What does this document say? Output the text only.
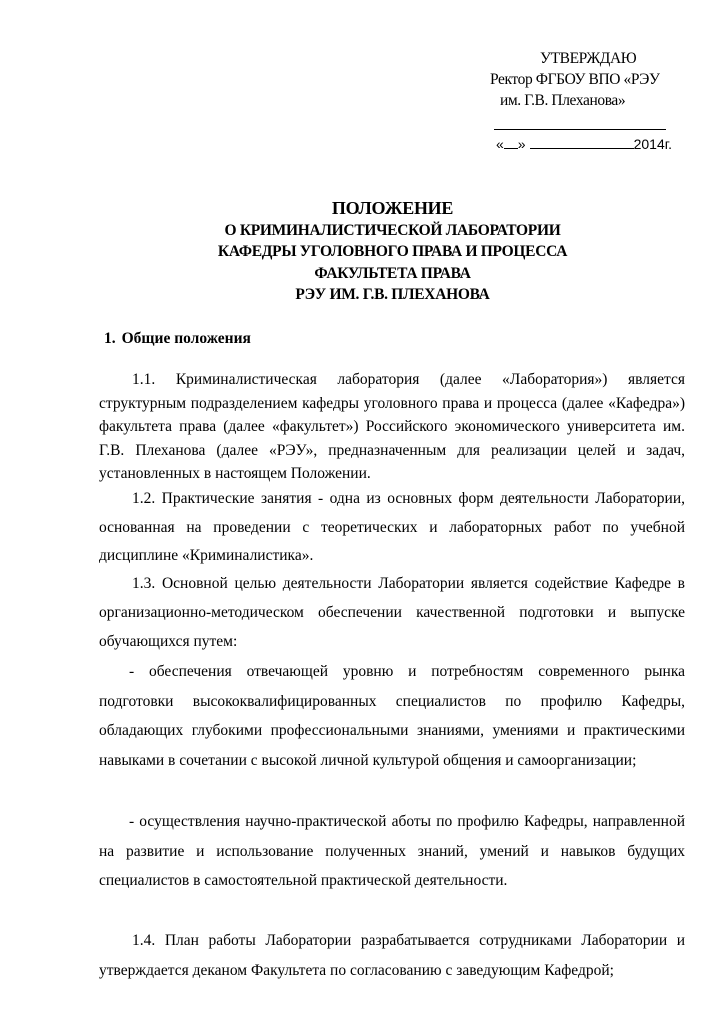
УТВЕРЖДАЮ
Ректор ФГБОУ ВПО «РЭУ
им. Г.В. Плеханова»
« »	2014г.
ПОЛОЖЕНИЕ
О КРИМИНАЛИСТИЧЕСКОЙ ЛАБОРАТОРИИ
КАФЕДРЫ УГОЛОВНОГО ПРАВА И ПРОЦЕССА
ФАКУЛЬТЕТА ПРАВА
РЭУ ИМ. Г.В. ПЛЕХАНОВА
1. Общие положения

1.1. Криминалистическая лаборатория (далее «Лаборатория») является структурным подразделением кафедры уголовного права и процесса (далее «Кафедра») факультета права (далее «факультет») Российского экономического университета им. Г.В. Плеханова (далее «РЭУ», предназначенным для реализации целей и задач, установленных в настоящем Положении.

1.2. Практические занятия - одна из основных форм деятельности Лаборатории, основанная на проведении с теоретических и лабораторных работ по учебной дисциплине «Криминалистика».

1.3. Основной целью деятельности Лаборатории является содействие Кафедре в организационно-методическом обеспечении качественной подготовки и выпуске обучающихся путем:

- обеспечения отвечающей уровню и потребностям современного рынка подготовки высококвалифицированных специалистов по профилю Кафедры, обладающих глубокими профессиональными знаниями, умениями и практическими навыками в сочетании с высокой личной культурой общения и самоорганизации;

- осуществления научно-практической аботы по профилю Кафедры, направленной на развитие и использование полученных знаний, умений и навыков будущих специалистов в самостоятельной практической деятельности.

1.4. План работы Лаборатории разрабатывается сотрудниками Лаборатории и утверждается деканом Факультета по согласованию с заведующим Кафедрой;
